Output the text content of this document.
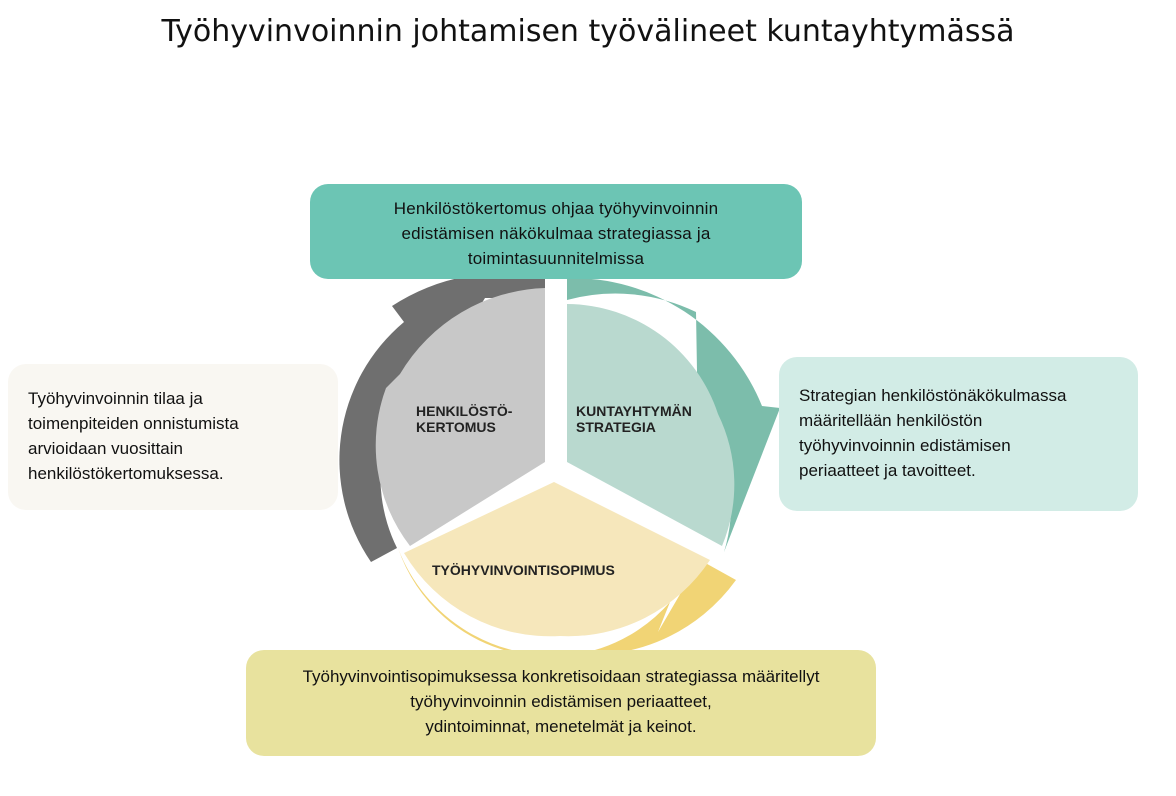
Työhyvinvoinnin johtamisen työvälineet kuntayhtymässä
Henkilöstökertomus ohjaa työhyvinvoinnin
edistämisen näkökulmaa strategiassa ja
toimintasuunnitelmissa
Työhyvinvoinnin tilaa ja
toimenpiteiden onnistumista
arvioidaan vuosittain
henkilöstökertomuksessa.
Strategian henkilöstönäkökulmassa
määritellään henkilöstön
työhyvinvoinnin edistämisen
periaatteet ja tavoitteet.
Työhyvinvointisopimuksessa konkretisoidaan strategiassa määritellyt
työhyvinvoinnin edistämisen periaatteet,
ydintoiminnat, menetelmät ja keinot.
HENKILÖSTÖ-
KERTOMUS
KUNTAYHTYMÄN
STRATEGIA
TYÖHYVINVOINTISOPIMUS
